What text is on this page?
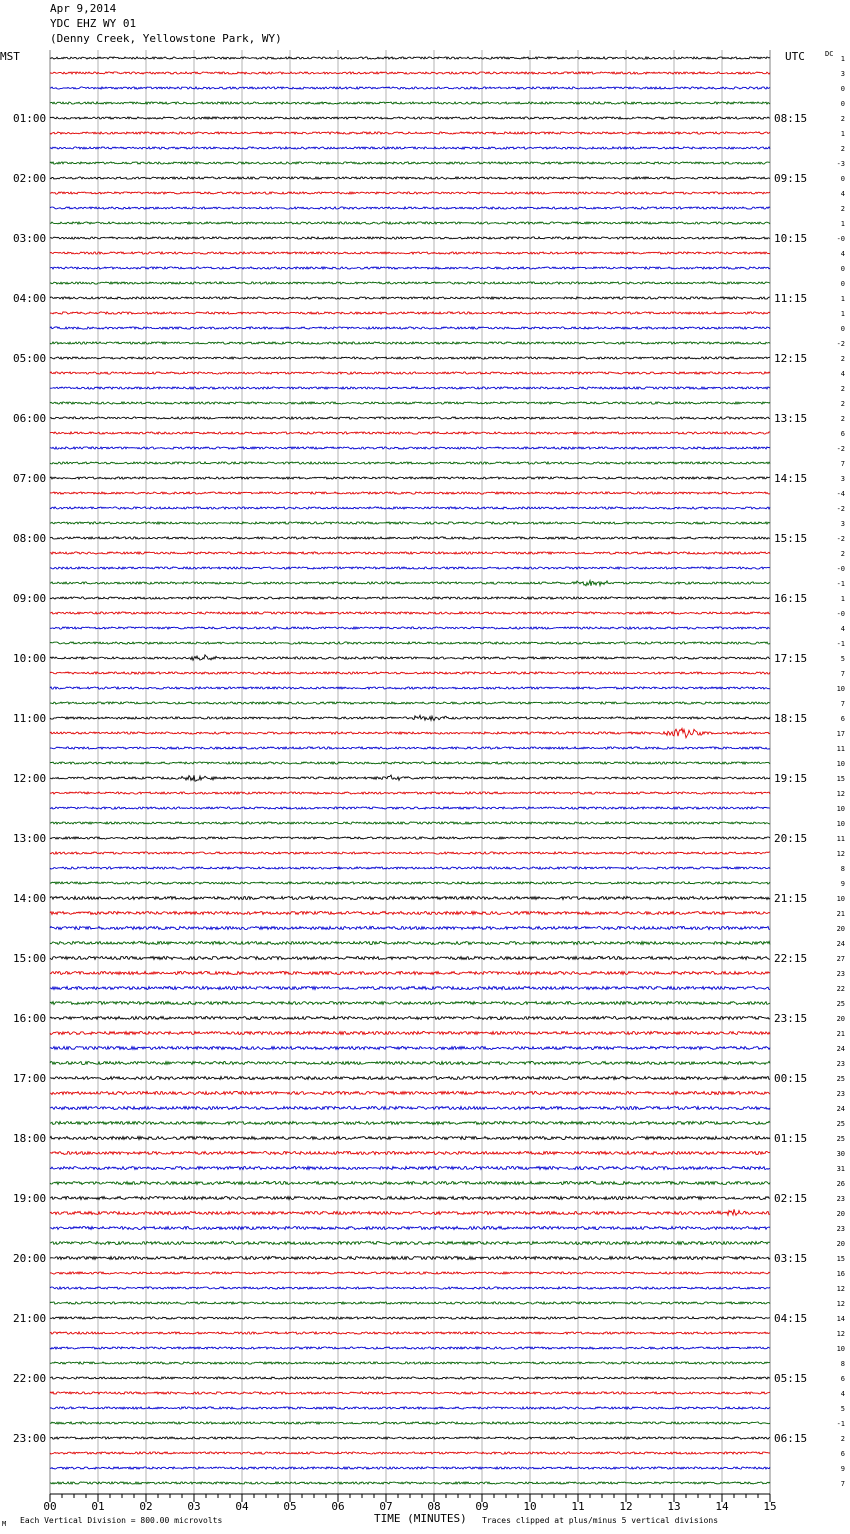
Apr 9,2014
YDC EHZ WY 01
(Denny Creek, Yellowstone Park, WY)
01:00
02:00
03:00
04:00
05:00
06:00
07:00
08:00
09:00
10:00
11:00
12:00
13:00
14:00
15:00
16:00
17:00
18:00
19:00
20:00
21:00
22:00
23:00
08:15
09:15
10:15
11:15
12:15
13:15
14:15
15:15
16:15
17:15
18:15
19:15
20:15
21:15
22:15
23:15
00:15
01:15
02:15
03:15
04:15
05:15
06:15
1
3
0
0
2
1
2
-3
0
4
2
1
-0
4
0
0
1
1
0
-2
2
4
2
2
2
6
-2
7
3
-4
-2
3
-2
2
-0
-1
1
-0
4
-1
5
7
10
7
6
17
11
10
15
12
10
10
11
12
8
9
10
21
20
24
27
23
22
25
20
21
24
23
25
23
24
25
25
30
31
26
23
20
23
20
15
16
12
12
14
12
10
8
6
4
5
-1
2
6
9
7
00	01	02	03	04	05	06	07	08	09	10	11	12	13	14	15
MST	UTC	DC
TIME (MINUTES)
Each Vertical Division = 800.00 microvolts	Traces clipped at plus/minus 5 vertical divisions
M
